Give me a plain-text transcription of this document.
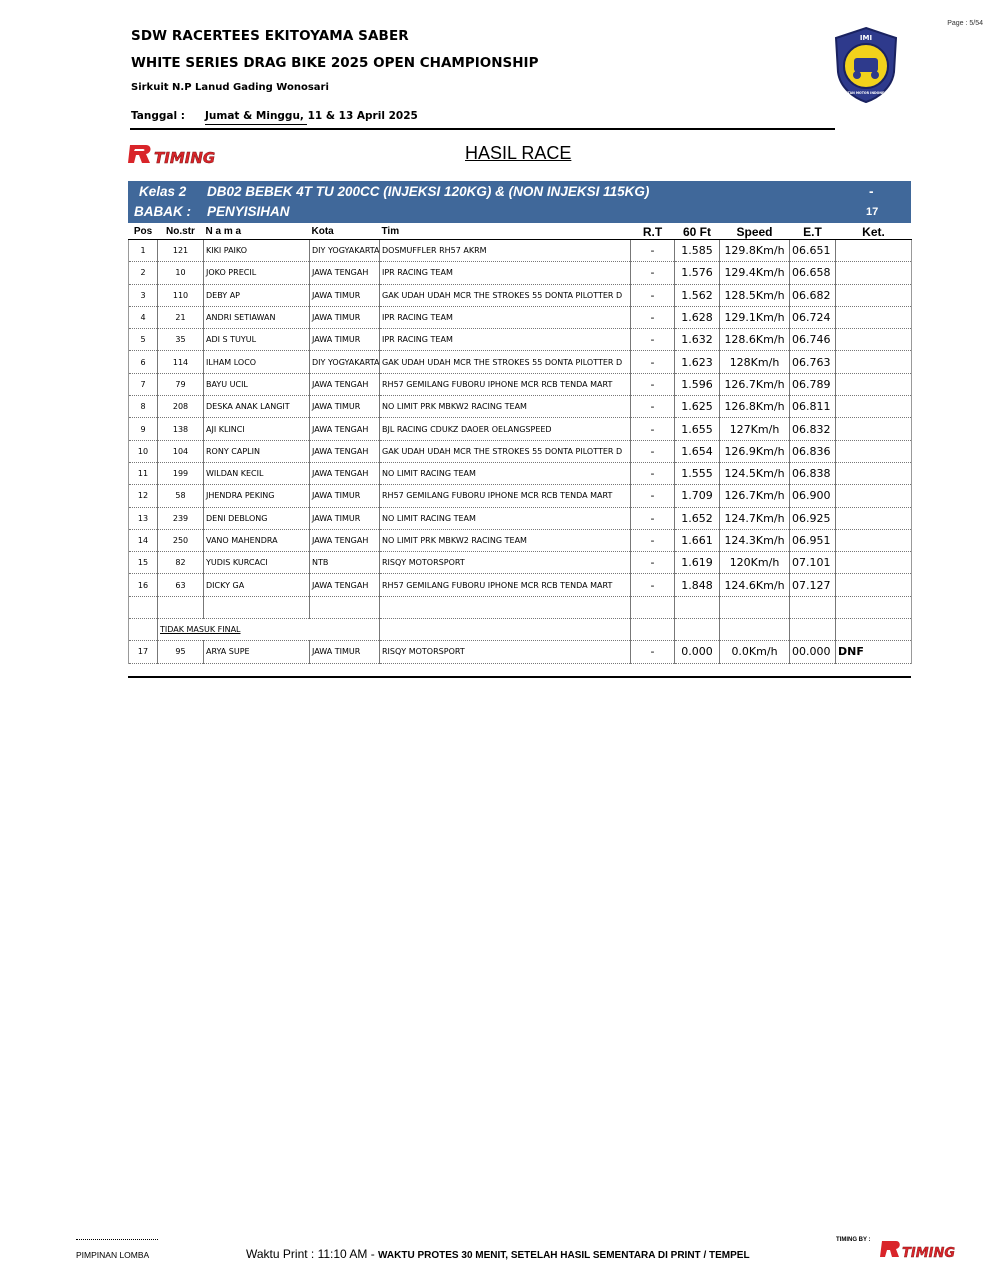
SDW RACERTEES EKITOYAMA SABER
WHITE SERIES DRAG BIKE 2025 OPEN CHAMPIONSHIP
Sirkuit N.P Lanud Gading Wonosari
Tanggal : Jumat & Minggu, 11 & 13 April 2025
Page : 5/54
IMI
IKATAN MOTOR INDONESIA
TIMING	HASIL RACE
Kelas 2 DB02 BEBEK 4T TU 200CC (INJEKSI 120KG) & (NON INJEKSI 115KG)
BABAK : PENYISIHAN
-
17
Pos	No.str	N a m a	Kota	Tim	R.T	60 Ft	Speed	E.T	Ket.
1	121	KIKI PAIKO	DIY YOGYAKARTA	DOSMUFFLER RH57 AKRM	-	1.585	129.8Km/h	06.651	
2	10	JOKO PRECIL	JAWA TENGAH	IPR RACING TEAM	-	1.576	129.4Km/h	06.658	
3	110	DEBY AP	JAWA TIMUR	GAK UDAH UDAH MCR THE STROKES 55 DONTA PILOTTER D	-	1.562	128.5Km/h	06.682	
4	21	ANDRI SETIAWAN	JAWA TIMUR	IPR RACING TEAM	-	1.628	129.1Km/h	06.724	
5	35	ADI S TUYUL	JAWA TIMUR	IPR RACING TEAM	-	1.632	128.6Km/h	06.746	
6	114	ILHAM LOCO	DIY YOGYAKARTA	GAK UDAH UDAH MCR THE STROKES 55 DONTA PILOTTER D	-	1.623	128Km/h	06.763	
7	79	BAYU UCIL	JAWA TENGAH	RH57 GEMILANG FUBORU IPHONE MCR RCB TENDA MART	-	1.596	126.7Km/h	06.789	
8	208	DESKA ANAK LANGIT	JAWA TIMUR	NO LIMIT PRK MBKW2 RACING TEAM	-	1.625	126.8Km/h	06.811	
9	138	AJI KLINCI	JAWA TENGAH	BJL RACING CDUKZ DAOER OELANGSPEED	-	1.655	127Km/h	06.832	
10	104	RONY CAPLIN	JAWA TENGAH	GAK UDAH UDAH MCR THE STROKES 55 DONTA PILOTTER D	-	1.654	126.9Km/h	06.836	
11	199	WILDAN KECIL	JAWA TENGAH	NO LIMIT RACING TEAM	-	1.555	124.5Km/h	06.838	
12	58	JHENDRA PEKING	JAWA TIMUR	RH57 GEMILANG FUBORU IPHONE MCR RCB TENDA MART	-	1.709	126.7Km/h	06.900	
13	239	DENI DEBLONG	JAWA TIMUR	NO LIMIT RACING TEAM	-	1.652	124.7Km/h	06.925	
14	250	VANO MAHENDRA	JAWA TENGAH	NO LIMIT PRK MBKW2 RACING TEAM	-	1.661	124.3Km/h	06.951	
15	82	YUDIS KURCACI	NTB	RISQY MOTORSPORT	-	1.619	120Km/h	07.101	
16	63	DICKY GA	JAWA TENGAH	RH57 GEMILANG FUBORU IPHONE MCR RCB TENDA MART	-	1.848	124.6Km/h	07.127	

	TIDAK MASUK FINAL								
17	95	ARYA SUPE	JAWA TIMUR	RISQY MOTORSPORT	-	0.000	0.0Km/h	00.000	DNF
PIMPINAN LOMBA	Waktu Print : 11:10 AM - WAKTU PROTES 30 MENIT, SETELAH HASIL SEMENTARA DI PRINT / TEMPEL
TIMING BY :
TIMING
